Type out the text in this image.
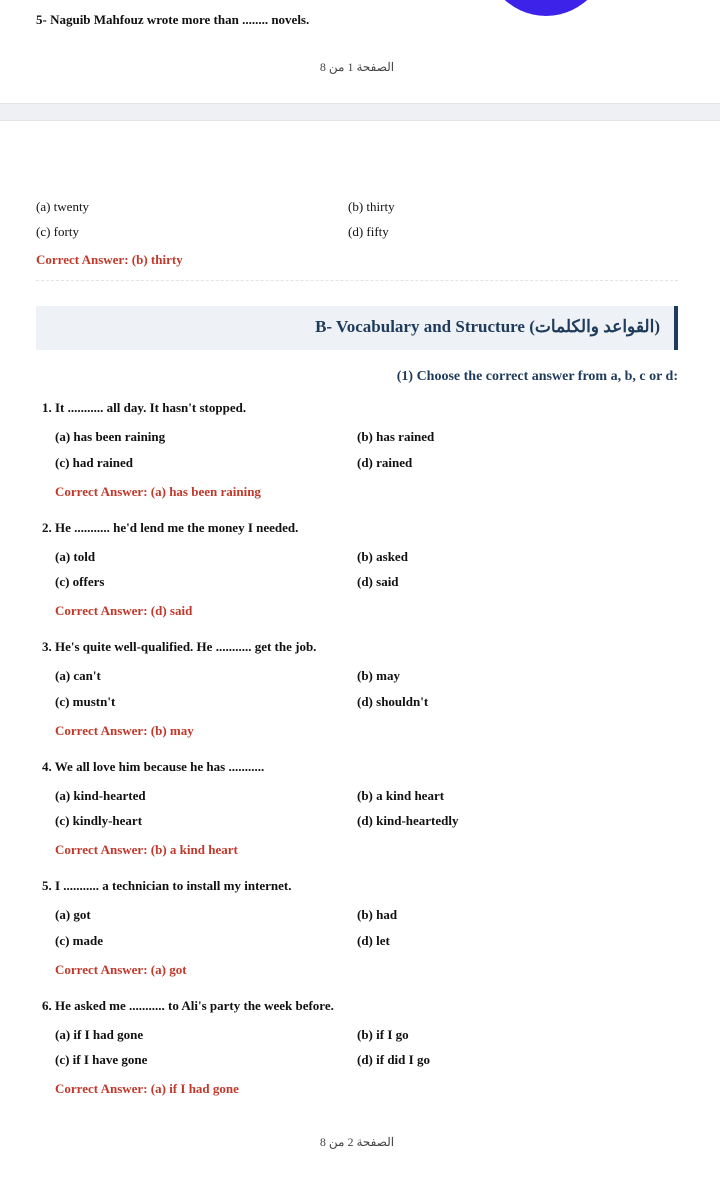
5- Naguib Mahfouz wrote more than ........ novels.
الصفحة 1 من 8
(a) twenty	(b) thirty
(c) forty	(d) fifty
Correct Answer: (b) thirty
B- Vocabulary and Structure (القواعد والكلمات)
(1) Choose the correct answer from a, b, c or d:
1. It ........... all day. It hasn't stopped.
(a) has been raining	(b) has rained
(c) had rained	(d) rained
Correct Answer: (a) has been raining
2. He ........... he'd lend me the money I needed.
(a) told	(b) asked
(c) offers	(d) said
Correct Answer: (d) said
3. He's quite well-qualified. He ........... get the job.
(a) can't	(b) may
(c) mustn't	(d) shouldn't
Correct Answer: (b) may
4. We all love him because he has ...........
(a) kind-hearted	(b) a kind heart
(c) kindly-heart	(d) kind-heartedly
Correct Answer: (b) a kind heart
5. I ........... a technician to install my internet.
(a) got	(b) had
(c) made	(d) let
Correct Answer: (a) got
6. He asked me ........... to Ali's party the week before.
(a) if I had gone	(b) if I go
(c) if I have gone	(d) if did I go
Correct Answer: (a) if I had gone
الصفحة 2 من 8
